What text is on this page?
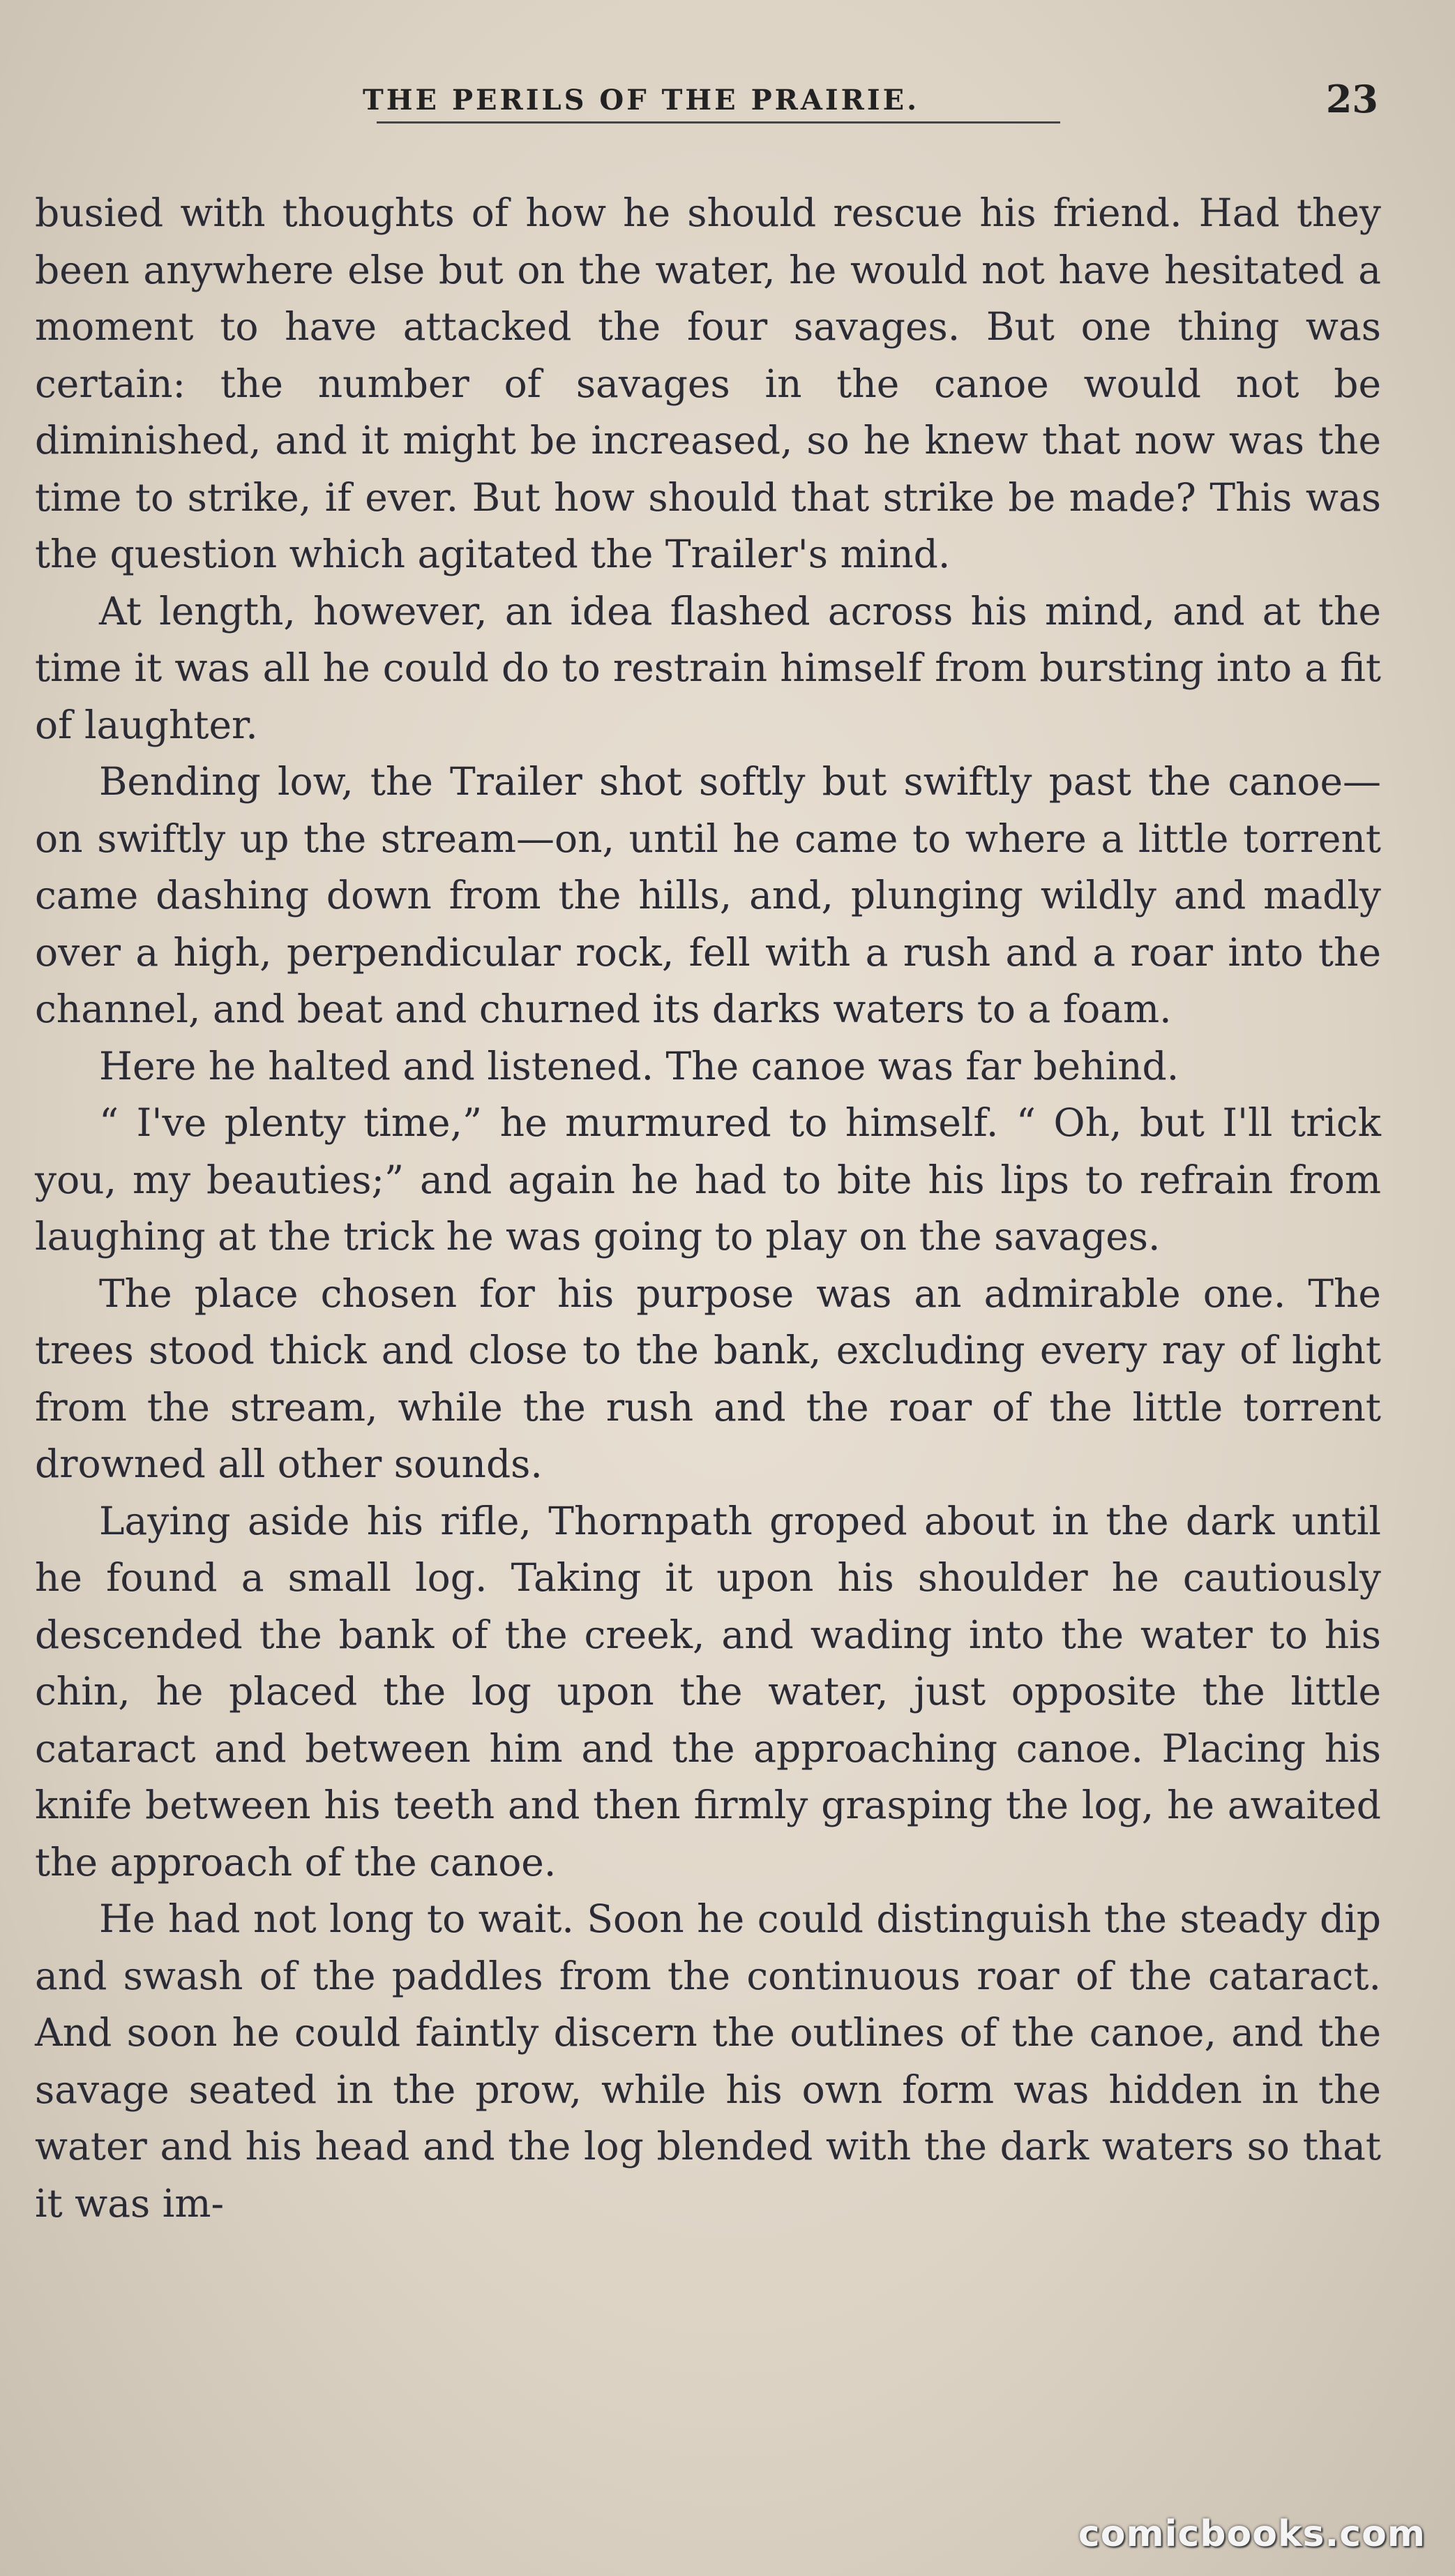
THE PERILS OF THE PRAIRIE.	23

busied with thoughts of how he should rescue his friend. Had they been anywhere else but on the water, he would not have hesitated a moment to have attacked the four savages. But one thing was certain: the number of savages in the canoe would not be diminished, and it might be increased, so he knew that now was the time to strike, if ever. But how should that strike be made? This was the question which agitated the Trailer's mind.

At length, however, an idea flashed across his mind, and at the time it was all he could do to restrain himself from bursting into a fit of laughter.

Bending low, the Trailer shot softly but swiftly past the canoe—on swiftly up the stream—on, until he came to where a little torrent came dashing down from the hills, and, plunging wildly and madly over a high, perpendicular rock, fell with a rush and a roar into the channel, and beat and churned its darks waters to a foam.

Here he halted and listened. The canoe was far behind.

“ I've plenty time,” he murmured to himself. “ Oh, but I'll trick you, my beauties;” and again he had to bite his lips to refrain from laughing at the trick he was going to play on the savages.

The place chosen for his purpose was an admirable one. The trees stood thick and close to the bank, excluding every ray of light from the stream, while the rush and the roar of the little torrent drowned all other sounds.

Laying aside his rifle, Thornpath groped about in the dark until he found a small log. Taking it upon his shoulder he cautiously descended the bank of the creek, and wading into the water to his chin, he placed the log upon the water, just opposite the little cataract and between him and the approaching canoe. Placing his knife between his teeth and then firmly grasping the log, he awaited the approach of the canoe.

He had not long to wait. Soon he could distinguish the steady dip and swash of the paddles from the continuous roar of the cataract. And soon he could faintly discern the outlines of the canoe, and the savage seated in the prow, while his own form was hidden in the water and his head and the log blended with the dark waters so that it was im-

comicbooks.com
